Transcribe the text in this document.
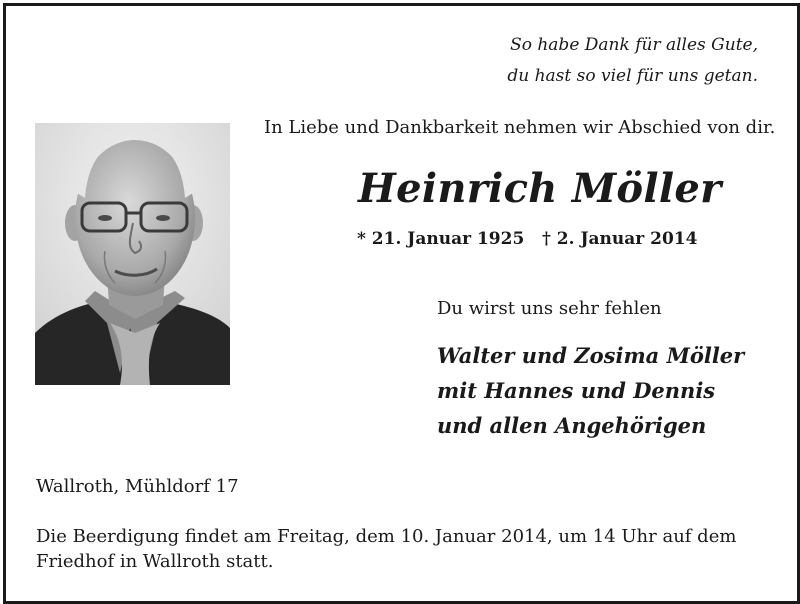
So habe Dank für alles Gute,
du hast so viel für uns getan.
In Liebe und Dankbarkeit nehmen wir Abschied von dir.
Heinrich Möller
* 21. Januar 1925 † 2. Januar 2014
Du wirst uns sehr fehlen
Walter und Zosima Möller
mit Hannes und Dennis
und allen Angehörigen
Wallroth, Mühldorf 17
Die Beerdigung findet am Freitag, dem 10. Januar 2014, um 14 Uhr auf dem Friedhof in Wallroth statt.
